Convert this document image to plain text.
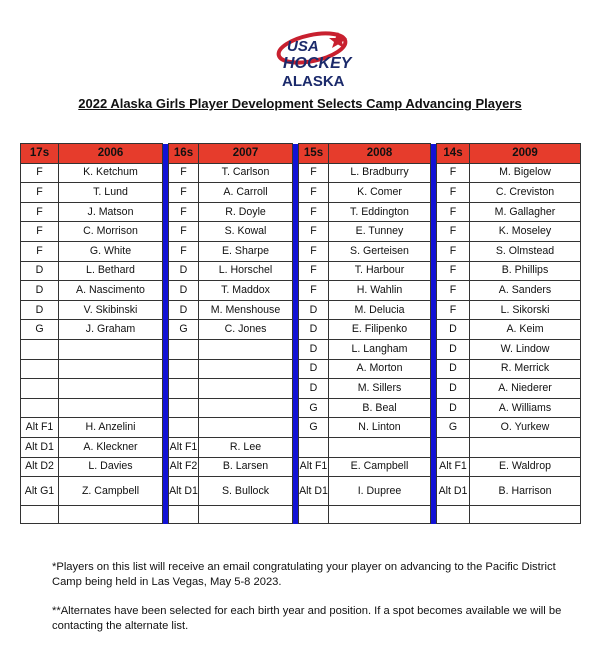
USA
HOCKEY
ALASKA
2022 Alaska Girls Player Development Selects Camp Advancing Players
17s	2006		16s	2007		15s	2008		14s	2009
F	K. Ketchum		F	T. Carlson		F	L. Bradburry		F	M. Bigelow
F	T. Lund		F	A. Carroll		F	K. Comer		F	C. Creviston
F	J. Matson		F	R. Doyle		F	T. Eddington		F	M. Gallagher
F	C. Morrison		F	S. Kowal		F	E. Tunney		F	K. Moseley
F	G. White		F	E. Sharpe		F	S. Gerteisen		F	S. Olmstead
D	L. Bethard		D	L. Horschel		F	T. Harbour		F	B. Phillips
D	A. Nascimento		D	T. Maddox		F	H. Wahlin		F	A. Sanders
D	V. Skibinski		D	M. Menshouse		D	M. Delucia		F	L. Sikorski
G	J. Graham		G	C. Jones		D	E. Filipenko		D	A. Keim
						D	L. Langham		D	W. Lindow
						D	A. Morton		D	R. Merrick
						D	M. Sillers		D	A. Niederer
						G	B. Beal		D	A. Williams
Alt F1	H. Anzelini					G	N. Linton		G	O. Yurkew
Alt D1	A. Kleckner		Alt F1	R. Lee						
Alt D2	L. Davies		Alt F2	B. Larsen		Alt F1	E. Campbell		Alt F1	E. Waldrop
Alt G1	Z. Campbell		Alt D1	S. Bullock		Alt D1	I. Dupree		Alt D1	B. Harrison

*Players on this list will receive an email congratulating your player on advancing to the Pacific District Camp being held in Las Vegas, May 5-8 2023.

**Alternates have been selected for each birth year and position. If a spot becomes available we will be contacting the alternate list.
